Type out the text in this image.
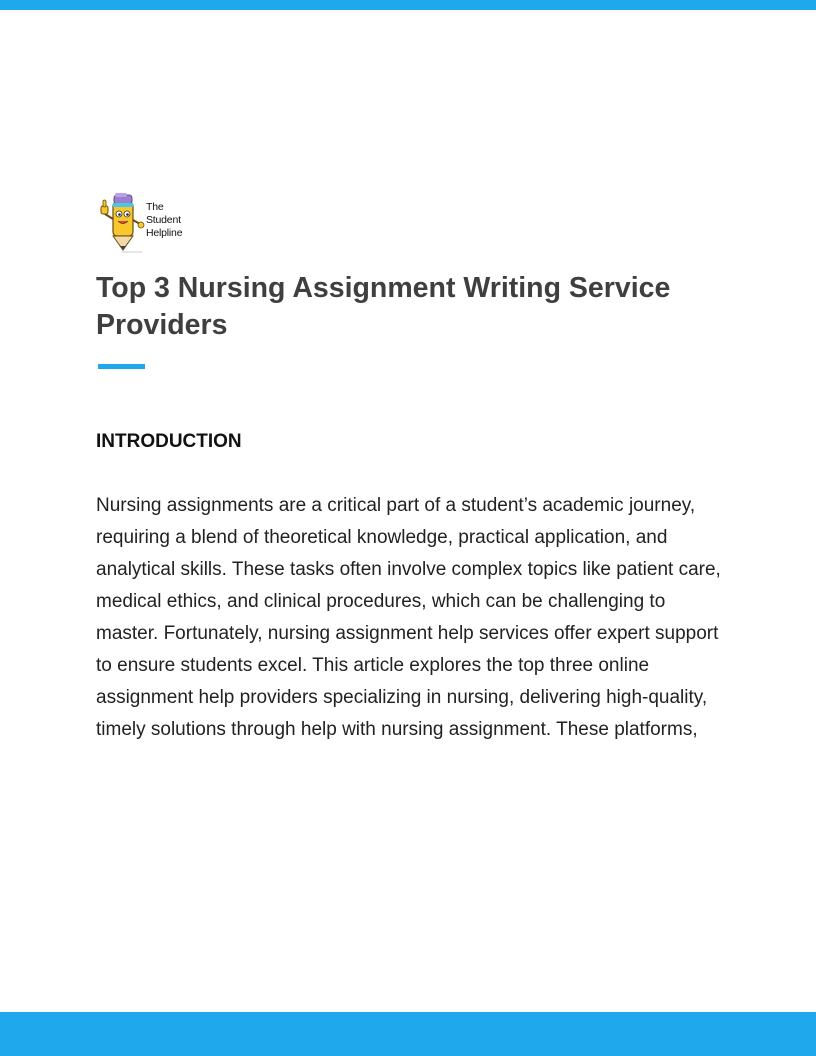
The
Student
Helpline
Top 3 Nursing Assignment Writing Service Providers
INTRODUCTION

Nursing assignments are a critical part of a student’s academic journey, requiring a blend of theoretical knowledge, practical application, and analytical skills. These tasks often involve complex topics like patient care, medical ethics, and clinical procedures, which can be challenging to master. Fortunately, nursing assignment help services offer expert support to ensure students excel. This article explores the top three online assignment help providers specializing in nursing, delivering high-quality, timely solutions through help with nursing assignment. These platforms,
